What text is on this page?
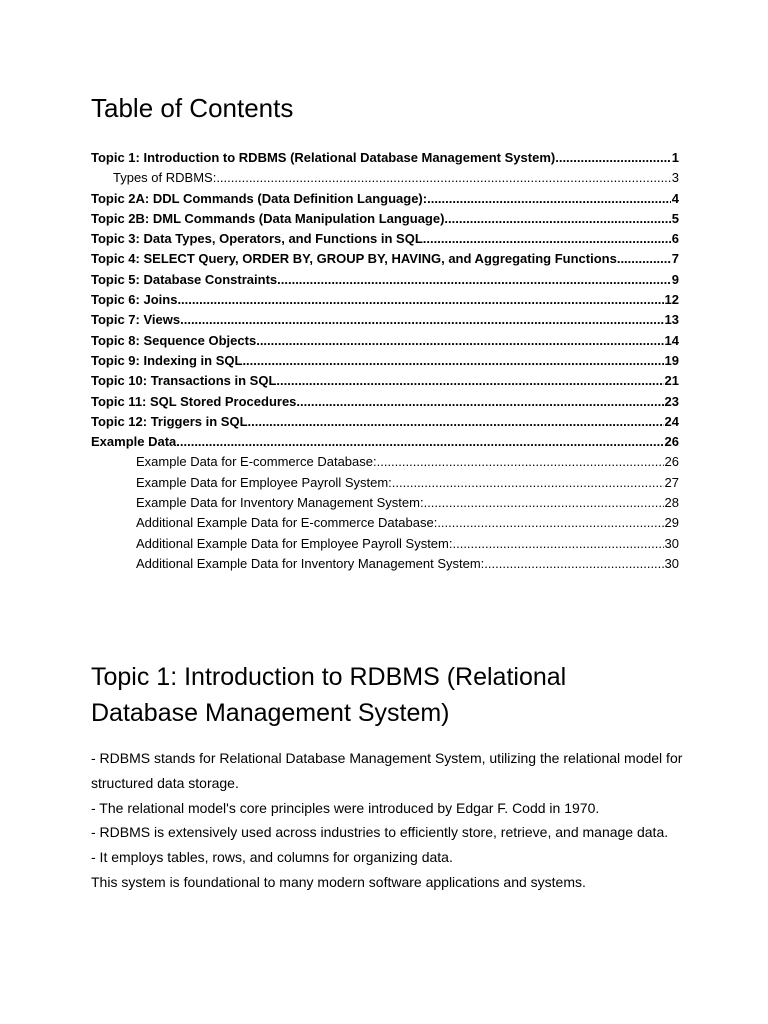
Table of Contents
Topic 1: Introduction to RDBMS (Relational Database Management System) .....	1
Types of RDBMS: .....	3
Topic 2A: DDL Commands (Data Definition Language): .....	4
Topic 2B: DML Commands (Data Manipulation Language) .....	5
Topic 3: Data Types, Operators, and Functions in SQL .....	6
Topic 4: SELECT Query, ORDER BY, GROUP BY, HAVING, and Aggregating Functions .....	7
Topic 5: Database Constraints .....	9
Topic 6: Joins .....	12
Topic 7: Views .....	13
Topic 8: Sequence Objects .....	14
Topic 9: Indexing in SQL .....	19
Topic 10: Transactions in SQL .....	21
Topic 11: SQL Stored Procedures .....	23
Topic 12: Triggers in SQL .....	24
Example Data .....	26
Example Data for E-commerce Database: .....	26
Example Data for Employee Payroll System: .....	27
Example Data for Inventory Management System: .....	28
Additional Example Data for E-commerce Database: .....	29
Additional Example Data for Employee Payroll System: .....	30
Additional Example Data for Inventory Management System: .....	30
Topic 1: Introduction to RDBMS (Relational Database Management System)

- RDBMS stands for Relational Database Management System, utilizing the relational model for structured data storage.

- The relational model's core principles were introduced by Edgar F. Codd in 1970.

- RDBMS is extensively used across industries to efficiently store, retrieve, and manage data.

- It employs tables, rows, and columns for organizing data.

This system is foundational to many modern software applications and systems.
